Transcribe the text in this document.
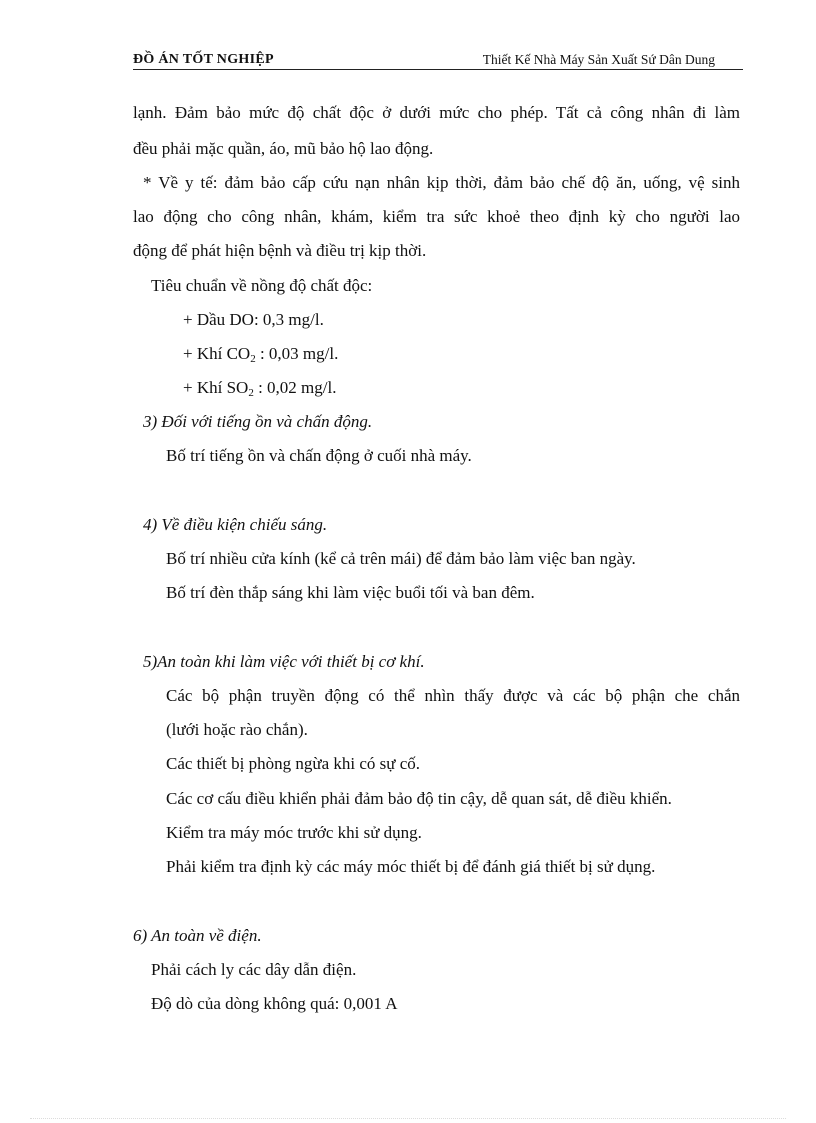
ĐỒ ÁN TỐT NGHIỆP	Thiết Kế Nhà Máy Sản Xuất Sứ Dân Dung
lạnh. Đảm bảo mức độ chất độc ở dưới mức cho phép. Tất cả công nhân đi làm
đều phải mặc quần, áo, mũ bảo hộ lao động.
* Về y tế: đảm bảo cấp cứu nạn nhân kịp thời, đảm bảo chế độ ăn, uống, vệ sinh
lao động cho công nhân, khám, kiểm tra sức khoẻ theo định kỳ cho người lao
động để phát hiện bệnh và điều trị kịp thời.
Tiêu chuẩn về nồng độ chất độc:
+ Dầu DO: 0,3 mg/l.
+ Khí $CO_2$ : 0,03 mg/l.
+ Khí $SO_2$ : 0,02 mg/l.
3) Đối với tiếng ồn và chấn động.
Bố trí tiếng ồn và chấn động ở cuối nhà máy.
4) Về điều kiện chiếu sáng.
Bố trí nhiều cửa kính (kể cả trên mái) để đảm bảo làm việc ban ngày.
Bố trí đèn thắp sáng khi làm việc buổi tối và ban đêm.
5)An toàn khi làm việc với thiết bị cơ khí.
Các bộ phận truyền động có thể nhìn thấy được và các bộ phận che chắn
(lưới hoặc rào chắn).
Các thiết bị phòng ngừa khi có sự cố.
Các cơ cấu điều khiển phải đảm bảo độ tin cậy, dễ quan sát, dễ điều khiển.
Kiểm tra máy móc trước khi sử dụng.
Phải kiểm tra định kỳ các máy móc thiết bị để đánh giá thiết bị sử dụng.
6) An toàn về điện.
Phải cách ly các dây dẫn điện.
Độ dò của dòng không quá: 0,001 A
